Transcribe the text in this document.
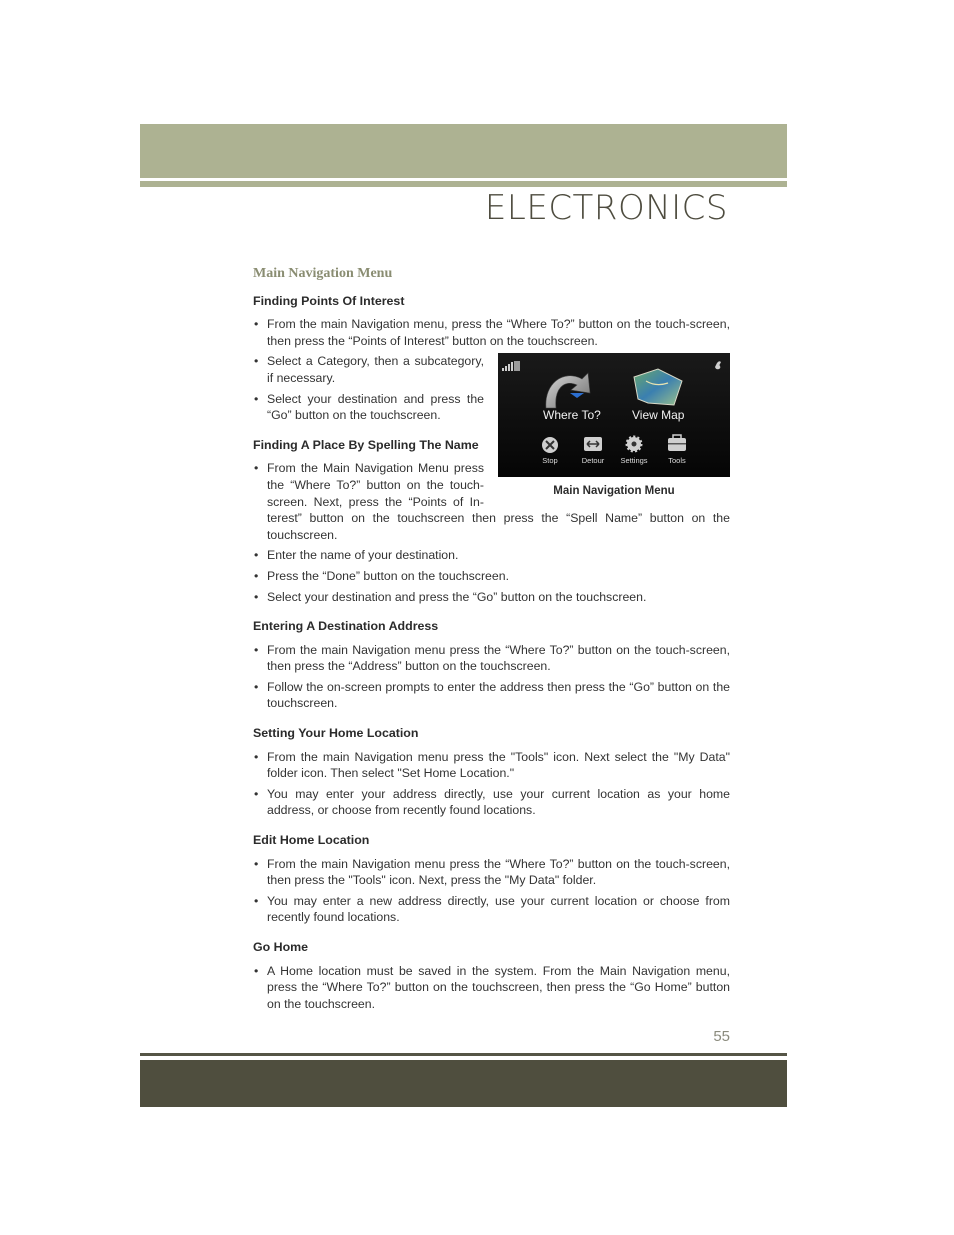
ELECTRONICS
Main Navigation Menu
Finding Points Of Interest
• From the main Navigation menu, press the “Where To?” button on the touch-screen, then press the “Points of Interest” button on the touchscreen.
Where To?	View Map
Stop	Detour Settings	Tools
Main Navigation Menu
• Select a Category, then a subcategory, if necessary.
• Select your destination and press the “Go” button on the touchscreen.
Finding A Place By Spelling The Name
• From the Main Navigation Menu press the “Where To?” button on the touch-screen. Next, press the “Points of In-terest” button on the touchscreen then press the “Spell Name” button on the touchscreen.
• Enter the name of your destination.
• Press the “Done” button on the touchscreen.
• Select your destination and press the “Go” button on the touchscreen.
Entering A Destination Address
• From the main Navigation menu press the “Where To?” button on the touch-screen, then press the “Address” button on the touchscreen.
• Follow the on-screen prompts to enter the address then press the “Go” button on the touchscreen.
Setting Your Home Location
• From the main Navigation menu press the "Tools" icon. Next select the "My Data" folder icon. Then select "Set Home Location."
• You may enter your address directly, use your current location as your home address, or choose from recently found locations.
Edit Home Location
• From the main Navigation menu press the “Where To?” button on the touch-screen, then press the "Tools" icon. Next, press the "My Data" folder.
• You may enter a new address directly, use your current location or choose from recently found locations.
Go Home
• A Home location must be saved in the system. From the Main Navigation menu, press the “Where To?” button on the touchscreen, then press the “Go Home” button on the touchscreen.
55
